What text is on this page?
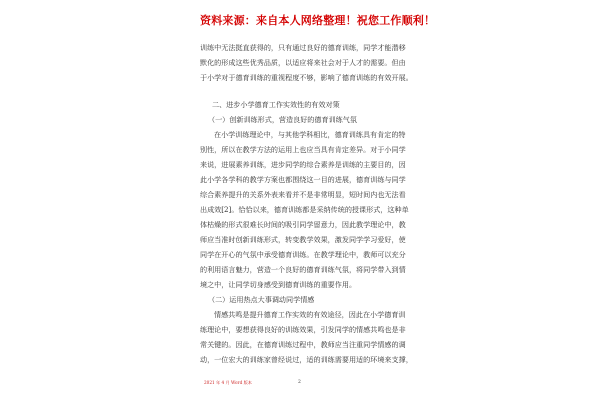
资料来源：来自本人网络整理！祝您工作顺利！
训练中无法挺直获得的，只有通过良好的德育训练，同学才能潜移
默化的形成这些优秀品质，以适应将来社会对于人才的需要。但由
于小学对于德育训练的重视程度不够，影响了德育训练的有效开展。
二、进步小学德育工作实效性的有效对策
（一）创新训练形式，营造良好的德育训练气氛
在小学训练理论中，与其他学科相比，德育训练具有肯定的特
别性，所以在教学方法的运用上也应当具有肯定差异。对于小同学
来说，进展素养训练，进步同学的综合素养是训练的主要目的，因
此小学各学科的教学方案也都围绕这一目的进展，德育训练与同学
综合素养提升的关系外表来看并不是非常明显，短时间内也无法看
出成效[2]。恰恰以来，德育训练都是采纳传统的授课形式，这种单
体枯燥的形式很难长时间的吸引同学留意力，因此教学理论中，教
师应当准时创新训练形式，转变教学效果，激发同学学习爱好，使
同学在开心的气氛中承受德育训练。在教学理论中，教师可以充分
的利用语言魅力，营造一个良好的德育训练气氛，将同学带入到情
境之中，让同学切身感受到德育训练的重要作用。
（二）运用热点大事调动同学情感
情感共鸣是提升德育工作实效的有效途径，因此在小学德育训
练理论中，要想获得良好的训练效果，引发同学的情感共鸣也是非
常关键的。因此，在德育训练过程中，教师应当注重同学情感的调
动，一位宏大的训练家曾经说过，适的训练需要用适的环境来支撑，
2021 年 4 月 Word 版本	2
